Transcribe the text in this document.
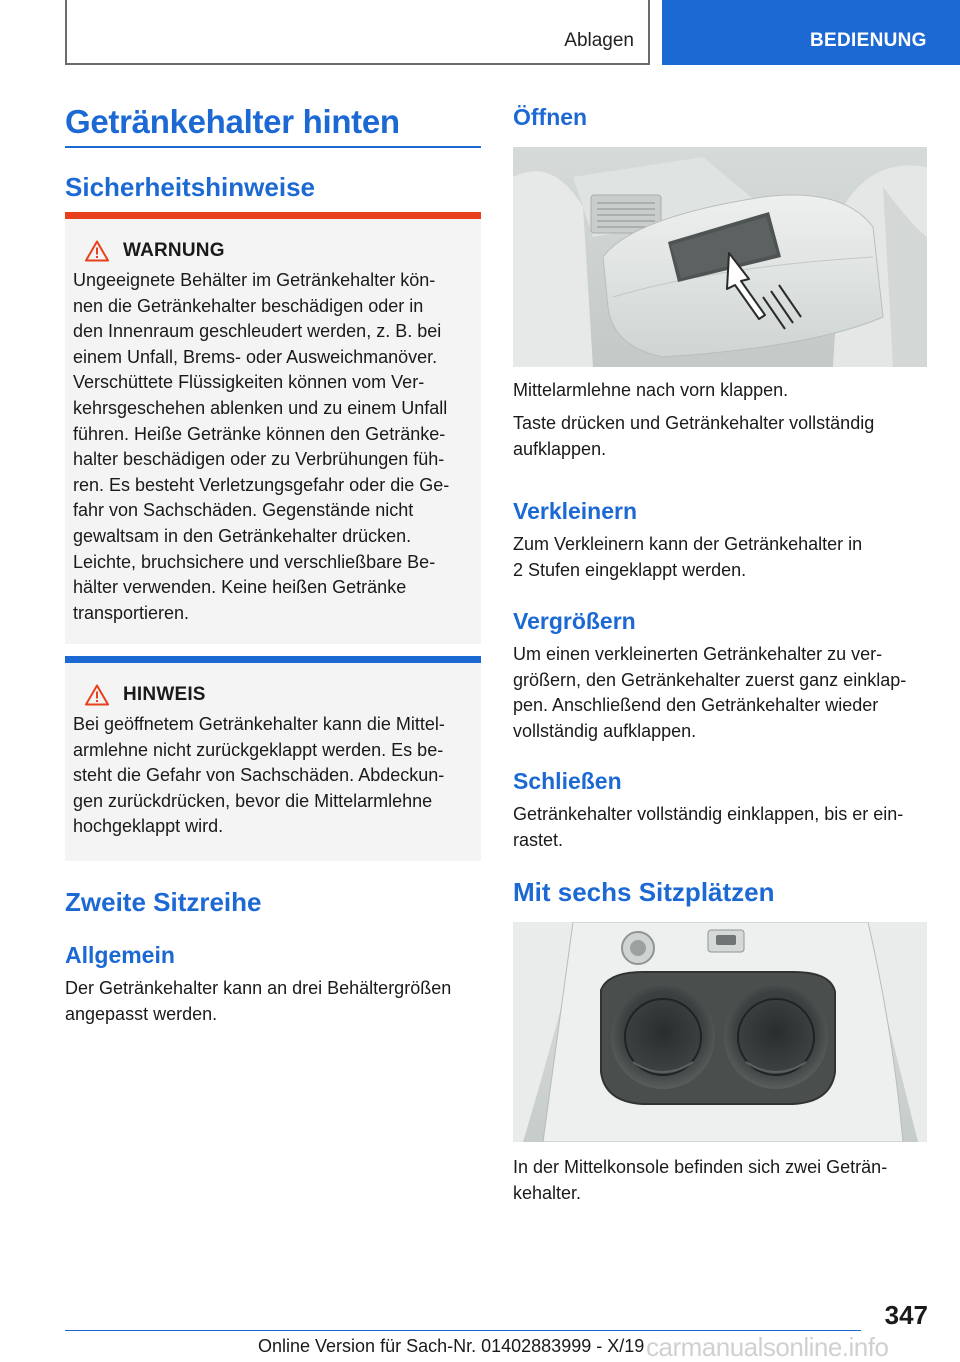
Ablagen	BEDIENUNG
Getränkehalter hinten
Sicherheitshinweise
WARNUNG
Ungeeignete Behälter im Getränkehalter kön-
nen die Getränkehalter beschädigen oder in
den Innenraum geschleudert werden, z. B. bei
einem Unfall, Brems- oder Ausweichmanöver.
Verschüttete Flüssigkeiten können vom Ver-
kehrsgeschehen ablenken und zu einem Unfall
führen. Heiße Getränke können den Getränke-
halter beschädigen oder zu Verbrühungen füh-
ren. Es besteht Verletzungsgefahr oder die Ge-
fahr von Sachschäden. Gegenstände nicht
gewaltsam in den Getränkehalter drücken.
Leichte, bruchsichere und verschließbare Be-
hälter verwenden. Keine heißen Getränke
transportieren.
HINWEIS
Bei geöffnetem Getränkehalter kann die Mittel-
armlehne nicht zurückgeklappt werden. Es be-
steht die Gefahr von Sachschäden. Abdeckun-
gen zurückdrücken, bevor die Mittelarmlehne
hochgeklappt wird.
Zweite Sitzreihe
Allgemein
Der Getränkehalter kann an drei Behältergrößen
angepasst werden.
Öffnen
Mittelarmlehne nach vorn klappen.
Taste drücken und Getränkehalter vollständig
aufklappen.
Verkleinern
Zum Verkleinern kann der Getränkehalter in
2 Stufen eingeklappt werden.
Vergrößern
Um einen verkleinerten Getränkehalter zu ver-
größern, den Getränkehalter zuerst ganz einklap-
pen. Anschließend den Getränkehalter wieder
vollständig aufklappen.
Schließen
Getränkehalter vollständig einklappen, bis er ein-
rastet.
Mit sechs Sitzplätzen
In der Mittelkonsole befinden sich zwei Geträn-
kehalter.
347
Online Version für Sach-Nr. 01402883999 - X/19 carmanualsonline.info
